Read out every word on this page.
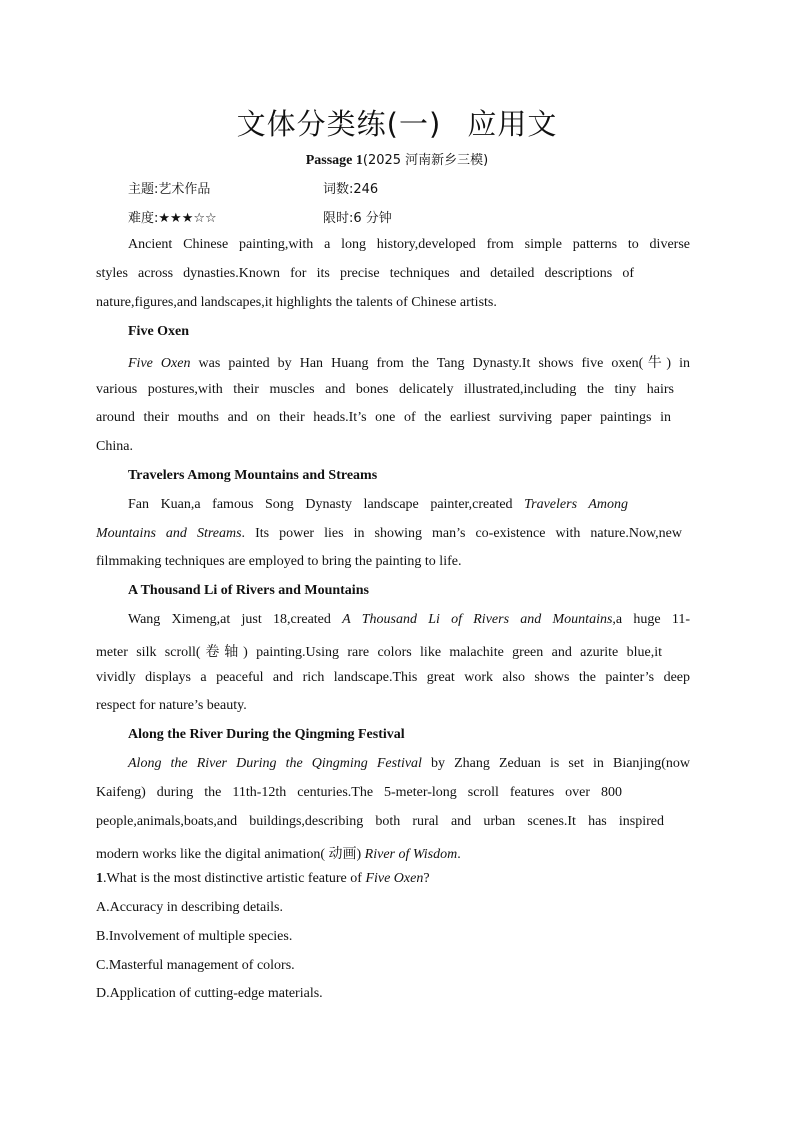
文体分类练(一) 应用文
Passage 1(2025 河南新乡三模)
主题:艺术作品	词数:246
难度:★★★☆☆	限时:6 分钟
Ancient Chinese painting,with a long history,developed from simple patterns to diverse
styles across dynasties.Known for its precise techniques and detailed descriptions of
nature,figures,and landscapes,it highlights the talents of Chinese artists.
Five Oxen
Five Oxen was painted by Han Huang from the Tang Dynasty.It shows five oxen(牛) in
various postures,with their muscles and bones delicately illustrated,including the tiny hairs
around their mouths and on their heads.It’s one of the earliest surviving paper paintings in
China.
Travelers Among Mountains and Streams
Fan Kuan,a famous Song Dynasty landscape painter,created Travelers Among
Mountains and Streams. Its power lies in showing man’s co-existence with nature.Now,new
filmmaking techniques are employed to bring the painting to life.
A Thousand Li of Rivers and Mountains
Wang Ximeng,at just 18,created A Thousand Li of Rivers and Mountains,a huge 11-
meter silk scroll(卷轴) painting.Using rare colors like malachite green and azurite blue,it
vividly displays a peaceful and rich landscape.This great work also shows the painter’s deep
respect for nature’s beauty.
Along the River During the Qingming Festival
Along the River During the Qingming Festival by Zhang Zeduan is set in Bianjing(now
Kaifeng) during the 11th-12th centuries.The 5-meter-long scroll features over 800
people,animals,boats,and buildings,describing both rural and urban scenes.It has inspired
modern works like the digital animation( 动画) River of Wisdom.
1.What is the most distinctive artistic feature of Five Oxen?
A.Accuracy in describing details.
B.Involvement of multiple species.
C.Masterful management of colors.
D.Application of cutting-edge materials.
